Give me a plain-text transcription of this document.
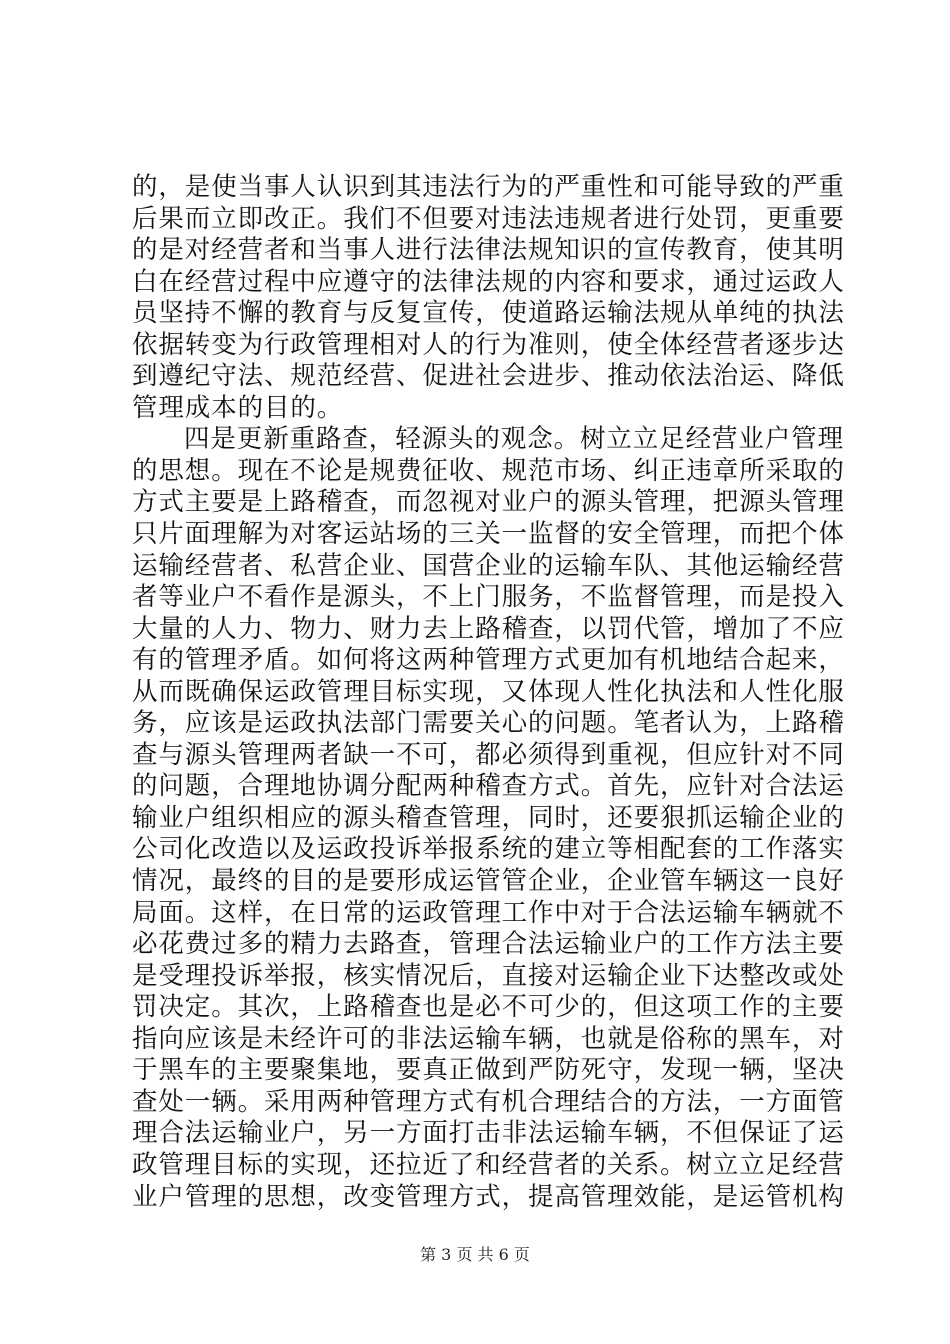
的，是使当事人认识到其违法行为的严重性和可能导致的严重
后果而立即改正。我们不但要对违法违规者进行处罚，更重要
的是对经营者和当事人进行法律法规知识的宣传教育，使其明
白在经营过程中应遵守的法律法规的内容和要求，通过运政人
员坚持不懈的教育与反复宣传，使道路运输法规从单纯的执法
依据转变为行政管理相对人的行为准则，使全体经营者逐步达
到遵纪守法、规范经营、促进社会进步、推动依法治运、降低
管理成本的目的。
四是更新重路查，轻源头的观念。树立立足经营业户管理
的思想。现在不论是规费征收、规范市场、纠正违章所采取的
方式主要是上路稽查，而忽视对业户的源头管理，把源头管理
只片面理解为对客运站场的三关一监督的安全管理，而把个体
运输经营者、私营企业、国营企业的运输车队、其他运输经营
者等业户不看作是源头，不上门服务，不监督管理，而是投入
大量的人力、物力、财力去上路稽查，以罚代管，增加了不应
有的管理矛盾。如何将这两种管理方式更加有机地结合起来，
从而既确保运政管理目标实现，又体现人性化执法和人性化服
务，应该是运政执法部门需要关心的问题。笔者认为，上路稽
查与源头管理两者缺一不可，都必须得到重视，但应针对不同
的问题，合理地协调分配两种稽查方式。首先，应针对合法运
输业户组织相应的源头稽查管理，同时，还要狠抓运输企业的
公司化改造以及运政投诉举报系统的建立等相配套的工作落实
情况，最终的目的是要形成运管管企业，企业管车辆这一良好
局面。这样，在日常的运政管理工作中对于合法运输车辆就不
必花费过多的精力去路查，管理合法运输业户的工作方法主要
是受理投诉举报，核实情况后，直接对运输企业下达整改或处
罚决定。其次，上路稽查也是必不可少的，但这项工作的主要
指向应该是未经许可的非法运输车辆，也就是俗称的黑车，对
于黑车的主要聚集地，要真正做到严防死守，发现一辆，坚决
查处一辆。采用两种管理方式有机合理结合的方法，一方面管
理合法运输业户，另一方面打击非法运输车辆，不但保证了运
政管理目标的实现，还拉近了和经营者的关系。树立立足经营
业户管理的思想，改变管理方式，提高管理效能，是运管机构
第 3 页 共 6 页
